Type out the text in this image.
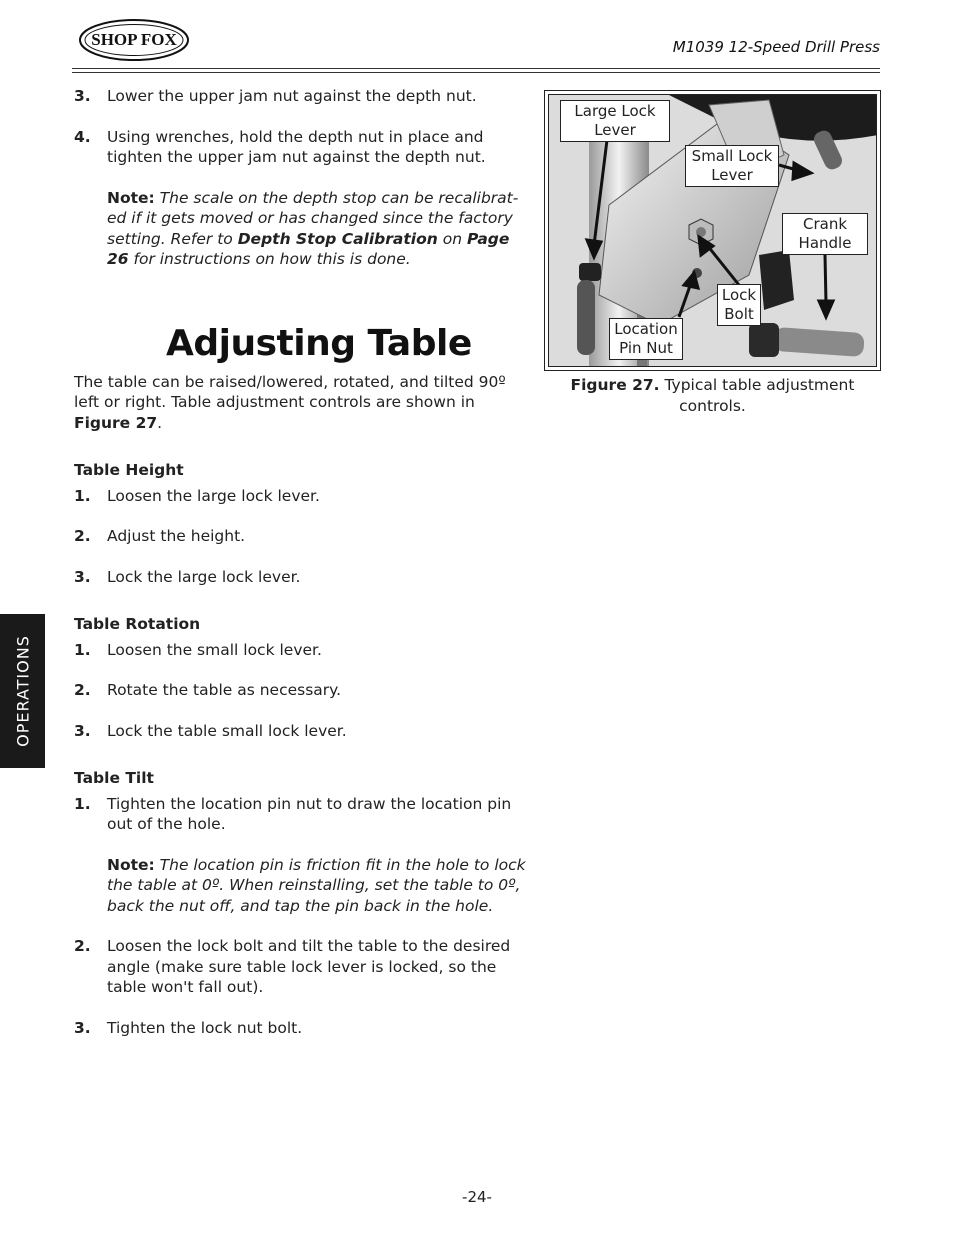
SHOP FOX	M1039 12-Speed Drill Press
3. Lower the upper jam nut against the depth nut.
4. Using wrenches, hold the depth nut in place and tighten the upper jam nut against the depth nut.
Note: The scale on the depth stop can be recalibrat-ed if it gets moved or has changed since the factory setting. Refer to Depth Stop Calibration on Page 26 for instructions on how this is done.
Adjusting Table
The table can be raised/lowered, rotated, and tilted 90º left or right. Table adjustment controls are shown in Figure 27.
Table Height
1. Loosen the large lock lever.
2. Adjust the height.
3. Lock the large lock lever.
Table Rotation
1. Loosen the small lock lever.
2. Rotate the table as necessary.
3. Lock the table small lock lever.
Table Tilt
1. Tighten the location pin nut to draw the location pin out of the hole.
Note: The location pin is friction fit in the hole to lock the table at 0º. When reinstalling, set the table to 0º, back the nut off, and tap the pin back in the hole.
2. Loosen the lock bolt and tilt the table to the desired angle (make sure table lock lever is locked, so the table won't fall out).
3. Tighten the lock nut bolt.
Large Lock Lever
Small Lock Lever
Crank Handle
Lock Bolt
Location Pin Nut
Figure 27. Typical table adjustment controls.
OPERATIONS
-24-
